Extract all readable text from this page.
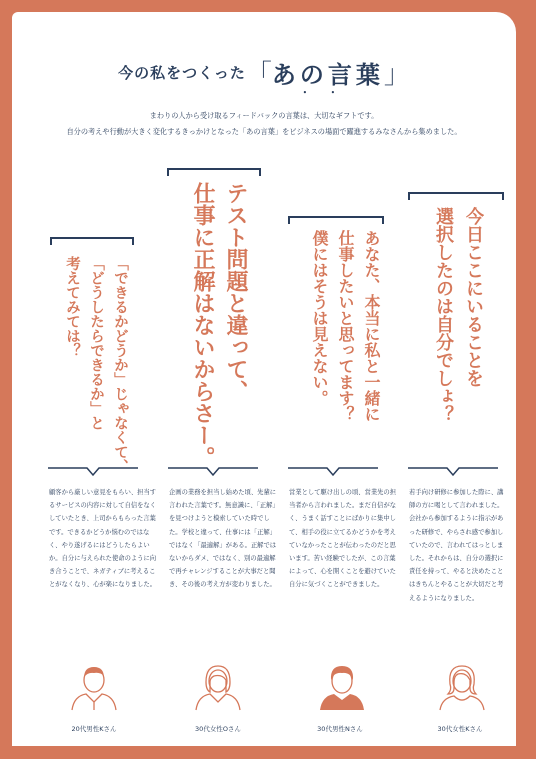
今の私をつくった「あの言葉
・・
」
まわりの人から受け取るフィードバックの言葉は、大切なギフトです。
自分の考えや行動が大きく変化するきっかけとなった「あの言葉」をビジネスの場面で躍進するみなさんから集めました。
「できるかどうか」じゃなくて、
「どうしたらできるか」と
考えてみては？
顧客から厳しい意見をもらい、担当するサービスの内容に対して自信をなくしていたとき、上司からもらった言葉です。できるかどうか悩むのではなく、やり遂げるにはどうしたらよいか。自分に与えられた使命のように向き合うことで、ネガティブに考えることがなくなり、心が楽になりました。
20代男性Kさん
テスト問題と違って、
仕事に正解はないからさー。
企画の業務を担当し始めた頃、先輩に言われた言葉です。無意識に、「正解」を見つけようと模索していた時でした。学校と違って、仕事には「正解」ではなく「最適解」がある。正解ではないからダメ、ではなく、別の最適解で再チャレンジすることが大事だと聞き、その後の考え方が変わりました。
30代女性Oさん
あなた、本当に私と一緒に
仕事したいと思ってます？
僕にはそうは見えない。
営業として駆け出しの頃、営業先の担当者から言われました。まだ自信がなく、うまく話すことにばかりに集中して、相手の役に立てるかどうかを考えていなかったことが伝わったのだと思います。苦い経験でしたが、この言葉によって、心を開くことを避けていた自分に気づくことができました。
30代男性Nさん
今日ここにいることを
選択したのは自分でしょ？
若手向け研修に参加した際に、講師の方に喝として言われました。会社から参加するように指示があった研修で、やらされ感で参加していたので、言われてはっとしました。それからは、自分の選択に責任を持って、やると決めたことはきちんとやることが大切だと考えるようになりました。
30代女性Kさん
